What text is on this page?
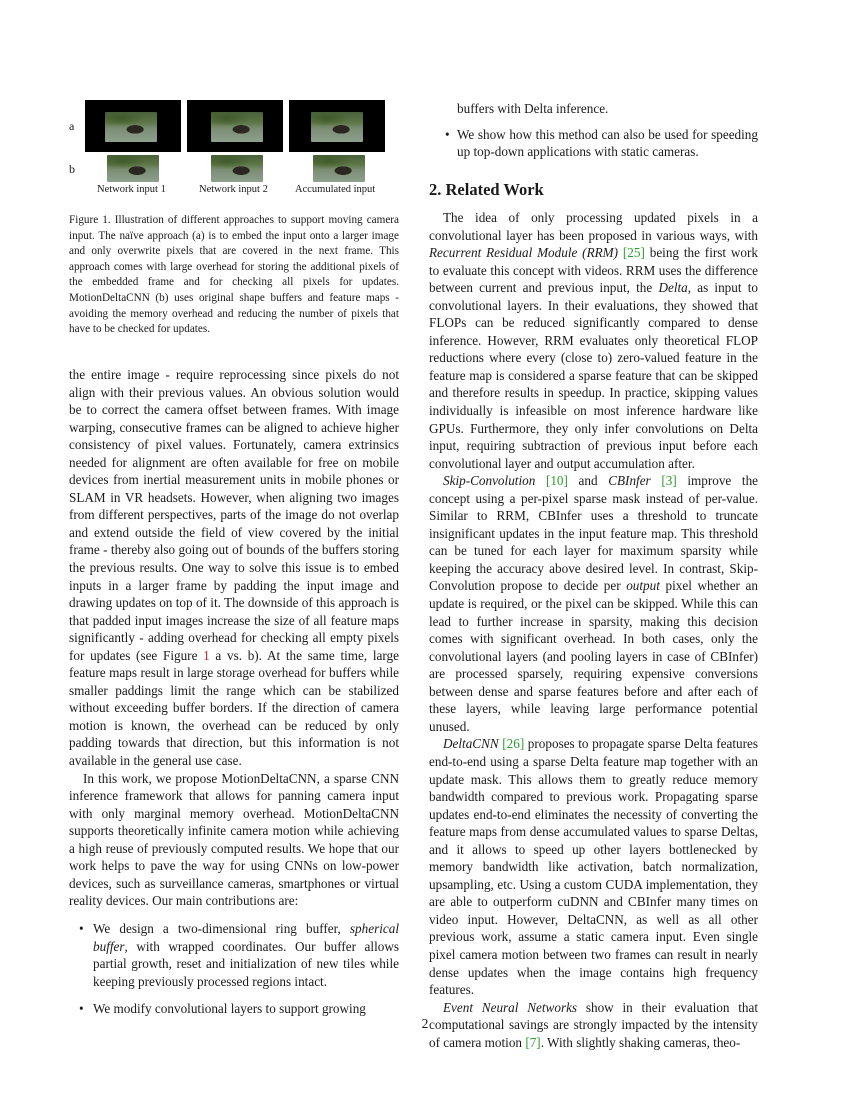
a
b
Network input 1	Network input 2	Accumulated input
Figure 1. Illustration of different approaches to support moving camera input. The naïve approach (a) is to embed the input onto a larger image and only overwrite pixels that are covered in the next frame. This approach comes with large overhead for storing the additional pixels of the embedded frame and for checking all pixels for updates. MotionDeltaCNN (b) uses original shape buffers and feature maps - avoiding the memory overhead and reducing the number of pixels that have to be checked for updates.

the entire image - require reprocessing since pixels do not align with their previous values. An obvious solution would be to correct the camera offset between frames. With image warping, consecutive frames can be aligned to achieve higher consistency of pixel values. Fortunately, camera extrinsics needed for alignment are often available for free on mobile devices from inertial measurement units in mobile phones or SLAM in VR headsets. However, when aligning two images from different perspectives, parts of the image do not overlap and extend outside the field of view covered by the initial frame - thereby also going out of bounds of the buffers storing the previous results. One way to solve this issue is to embed inputs in a larger frame by padding the input image and drawing updates on top of it. The downside of this approach is that padded input images increase the size of all feature maps significantly - adding overhead for checking all empty pixels for updates (see Figure 1 a vs. b). At the same time, large feature maps result in large storage overhead for buffers while smaller paddings limit the range which can be stabilized without exceeding buffer borders. If the direction of camera motion is known, the overhead can be reduced by only padding towards that direction, but this information is not available in the general use case.

In this work, we propose MotionDeltaCNN, a sparse CNN inference framework that allows for panning camera input with only marginal memory overhead. MotionDeltaCNN supports theoretically infinite camera motion while achieving a high reuse of previously computed results. We hope that our work helps to pave the way for using CNNs on low-power devices, such as surveillance cameras, smartphones or virtual reality devices. Our main contributions are:

• We design a two-dimensional ring buffer, spherical buffer, with wrapped coordinates. Our buffer allows partial growth, reset and initialization of new tiles while keeping previously processed regions intact.
• We modify convolutional layers to support growing

buffers with Delta inference.

• We show how this method can also be used for speeding up top-down applications with static cameras.
2. Related Work

The idea of only processing updated pixels in a convolutional layer has been proposed in various ways, with Recurrent Residual Module (RRM) [25] being the first work to evaluate this concept with videos. RRM uses the difference between current and previous input, the Delta, as input to convolutional layers. In their evaluations, they showed that FLOPs can be reduced significantly compared to dense inference. However, RRM evaluates only theoretical FLOP reductions where every (close to) zero-valued feature in the feature map is considered a sparse feature that can be skipped and therefore results in speedup. In practice, skipping values individually is infeasible on most inference hardware like GPUs. Furthermore, they only infer convolutions on Delta input, requiring subtraction of previous input before each convolutional layer and output accumulation after.

Skip-Convolution [10] and CBInfer [3] improve the concept using a per-pixel sparse mask instead of per-value. Similar to RRM, CBInfer uses a threshold to truncate insignificant updates in the input feature map. This threshold can be tuned for each layer for maximum sparsity while keeping the accuracy above desired level. In contrast, Skip-Convolution propose to decide per output pixel whether an update is required, or the pixel can be skipped. While this can lead to further increase in sparsity, making this decision comes with significant overhead. In both cases, only the convolutional layers (and pooling layers in case of CBInfer) are processed sparsely, requiring expensive conversions between dense and sparse features before and after each of these layers, while leaving large performance potential unused.

DeltaCNN [26] proposes to propagate sparse Delta features end-to-end using a sparse Delta feature map together with an update mask. This allows them to greatly reduce memory bandwidth compared to previous work. Propagating sparse updates end-to-end eliminates the necessity of converting the feature maps from dense accumulated values to sparse Deltas, and it allows to speed up other layers bottlenecked by memory bandwidth like activation, batch normalization, upsampling, etc. Using a custom CUDA implementation, they are able to outperform cuDNN and CBInfer many times on video input. However, DeltaCNN, as well as all other previous work, assume a static camera input. Even single pixel camera motion between two frames can result in nearly dense updates when the image contains high frequency features.

Event Neural Networks show in their evaluation that computational savings are strongly impacted by the intensity of camera motion [7]. With slightly shaking cameras, theo-

2
